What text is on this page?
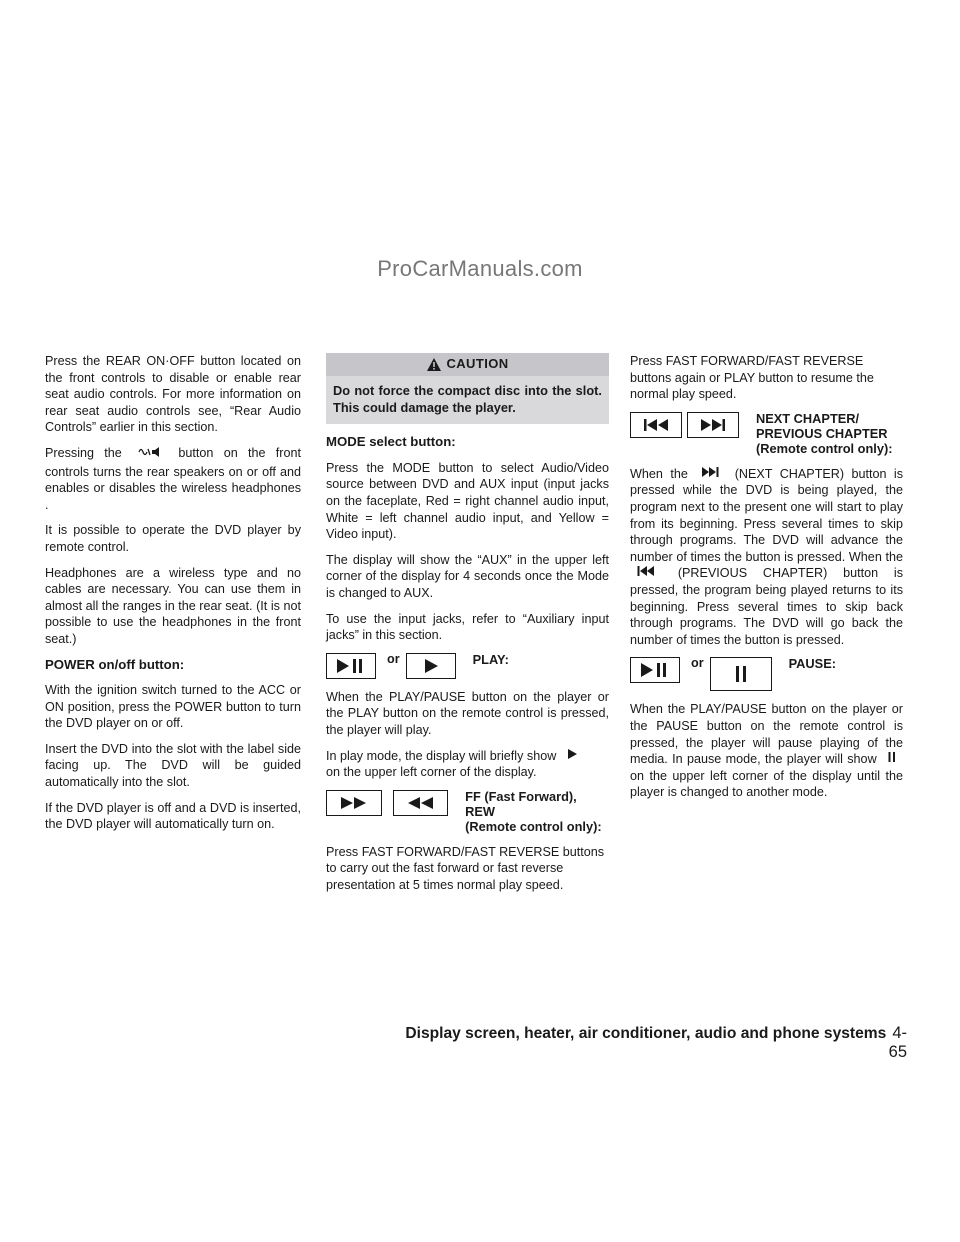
ProCarManuals.com

Press the REAR ON·OFF button located on the front controls to disable or enable rear seat audio controls. For more information on rear seat audio controls see, “Rear Audio Controls” earlier in this section.

Pressing the	button on the front controls turns the rear speakers on or off and enables or disables the wireless headphones .

It is possible to operate the DVD player by remote control.

Headphones are a wireless type and no cables are necessary. You can use them in almost all the ranges in the rear seat. (It is not possible to use the headphones in the front seat.)

POWER on/off button:

With the ignition switch turned to the ACC or ON position, press the POWER button to turn the DVD player on or off.

Insert the DVD into the slot with the label side facing up. The DVD will be guided automatically into the slot.

If the DVD player is off and a DVD is inserted, the DVD player will automatically turn on.

CAUTION
Do not force the compact disc into the slot. This could damage the player.
MODE select button:

Press the MODE button to select Audio/Video source between DVD and AUX input (input jacks on the faceplate, Red = right channel audio input, White = left channel audio input, and Yellow = Video input).

The display will show the “AUX” in the upper left corner of the display for 4 seconds once the Mode is changed to AUX.

To use the input jacks, refer to “Auxiliary input jacks” in this section.

or	PLAY:

When the PLAY/PAUSE button on the player or the PLAY button on the remote control is pressed, the player will play.

In play mode, the display will briefly show
on the upper left corner of the display.

FF (Fast Forward), REW
(Remote control only):

Press FAST FORWARD/FAST REVERSE buttons to carry out the fast forward or fast reverse presentation at 5 times normal play speed.

Press FAST FORWARD/FAST REVERSE buttons again or PLAY button to resume the normal play speed.

NEXT CHAPTER/
PREVIOUS CHAPTER
(Remote control only):

When the	(NEXT CHAPTER) button is pressed while the DVD is being played, the program next to the present one will start to play from its beginning. Press several times to skip through programs. The DVD will advance the number of times the button is pressed. When the  (PREVIOUS CHAPTER) button is pressed, the program being played returns to its beginning. Press several times to skip back through programs. The DVD will go back the number of times the button is pressed.

or	PAUSE:

When the PLAY/PAUSE button on the player or the PAUSE button on the remote control is pressed, the player will pause playing of the media. In pause mode, the player will show  on the upper left corner of the display until the player is changed to another mode.

Display screen, heater, air conditioner, audio and phone systems 4-65
